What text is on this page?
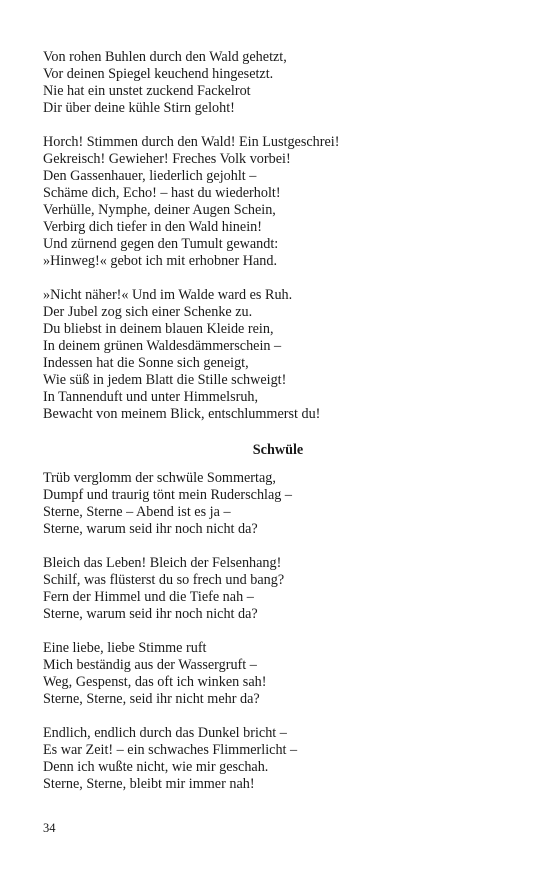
Von rohen Buhlen durch den Wald gehetzt,
Vor deinen Spiegel keuchend hingesetzt.
Nie hat ein unstet zuckend Fackelrot
Dir über deine kühle Stirn geloht!
Horch! Stimmen durch den Wald! Ein Lustgeschrei!
Gekreisch! Gewieher! Freches Volk vorbei!
Den Gassenhauer, liederlich gejohlt –
Schäme dich, Echo! – hast du wiederholt!
Verhülle, Nymphe, deiner Augen Schein,
Verbirg dich tiefer in den Wald hinein!
Und zürnend gegen den Tumult gewandt:
»Hinweg!« gebot ich mit erhobner Hand.
»Nicht näher!« Und im Walde ward es Ruh.
Der Jubel zog sich einer Schenke zu.
Du bliebst in deinem blauen Kleide rein,
In deinem grünen Waldesdämmerschein –
Indessen hat die Sonne sich geneigt,
Wie süß in jedem Blatt die Stille schweigt!
In Tannenduft und unter Himmelsruh,
Bewacht von meinem Blick, entschlummerst du!
Schwüle
Trüb verglomm der schwüle Sommertag,
Dumpf und traurig tönt mein Ruderschlag –
Sterne, Sterne – Abend ist es ja –
Sterne, warum seid ihr noch nicht da?
Bleich das Leben! Bleich der Felsenhang!
Schilf, was flüsterst du so frech und bang?
Fern der Himmel und die Tiefe nah –
Sterne, warum seid ihr noch nicht da?
Eine liebe, liebe Stimme ruft
Mich beständig aus der Wassergruft –
Weg, Gespenst, das oft ich winken sah!
Sterne, Sterne, seid ihr nicht mehr da?
Endlich, endlich durch das Dunkel bricht –
Es war Zeit! – ein schwaches Flimmerlicht –
Denn ich wußte nicht, wie mir geschah.
Sterne, Sterne, bleibt mir immer nah!
34
